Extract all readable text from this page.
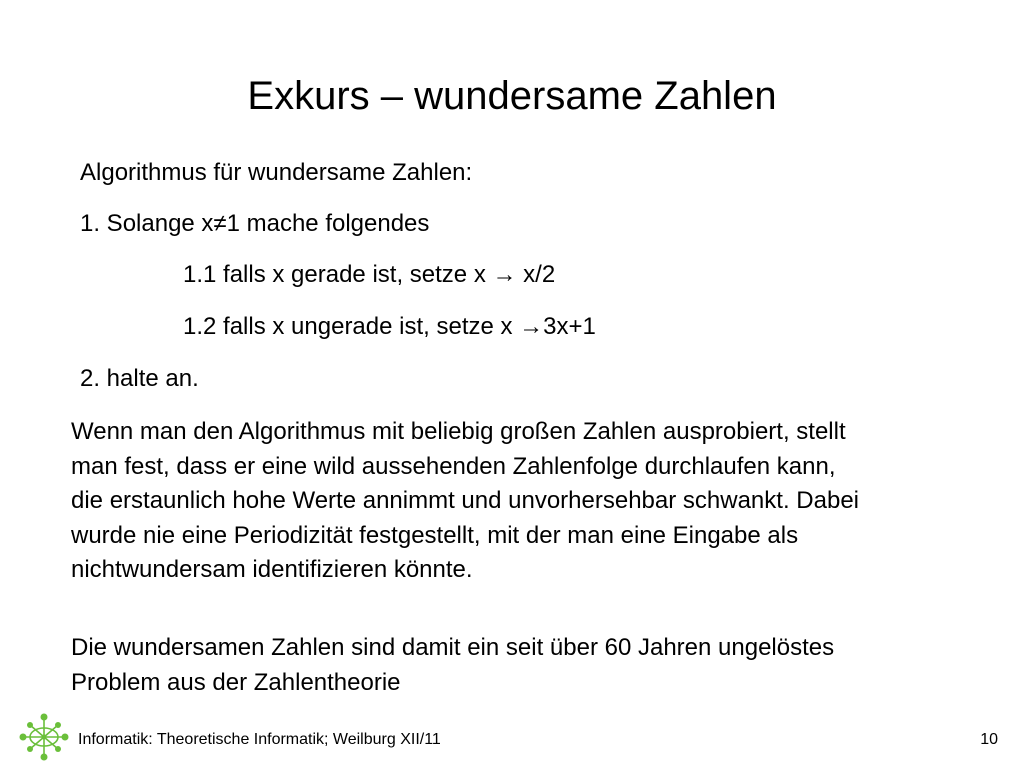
Exkurs – wundersame Zahlen
Algorithmus für wundersame Zahlen:
1. Solange x≠1 mache folgendes
1.1 falls x gerade ist, setze x → x/2
1.2 falls x ungerade ist, setze x →3x+1
2. halte an.
Wenn man den Algorithmus mit beliebig großen Zahlen ausprobiert, stellt man fest, dass er eine wild aussehenden Zahlenfolge durchlaufen kann, die erstaunlich hohe Werte annimmt und unvorhersehbar schwankt. Dabei wurde nie eine Periodizität festgestellt, mit der man eine Eingabe als nichtwundersam identifizieren könnte.
Die wundersamen Zahlen sind damit ein seit über 60 Jahren ungelöstes Problem aus der Zahlentheorie
Informatik: Theoretische Informatik; Weilburg XII/11	10
